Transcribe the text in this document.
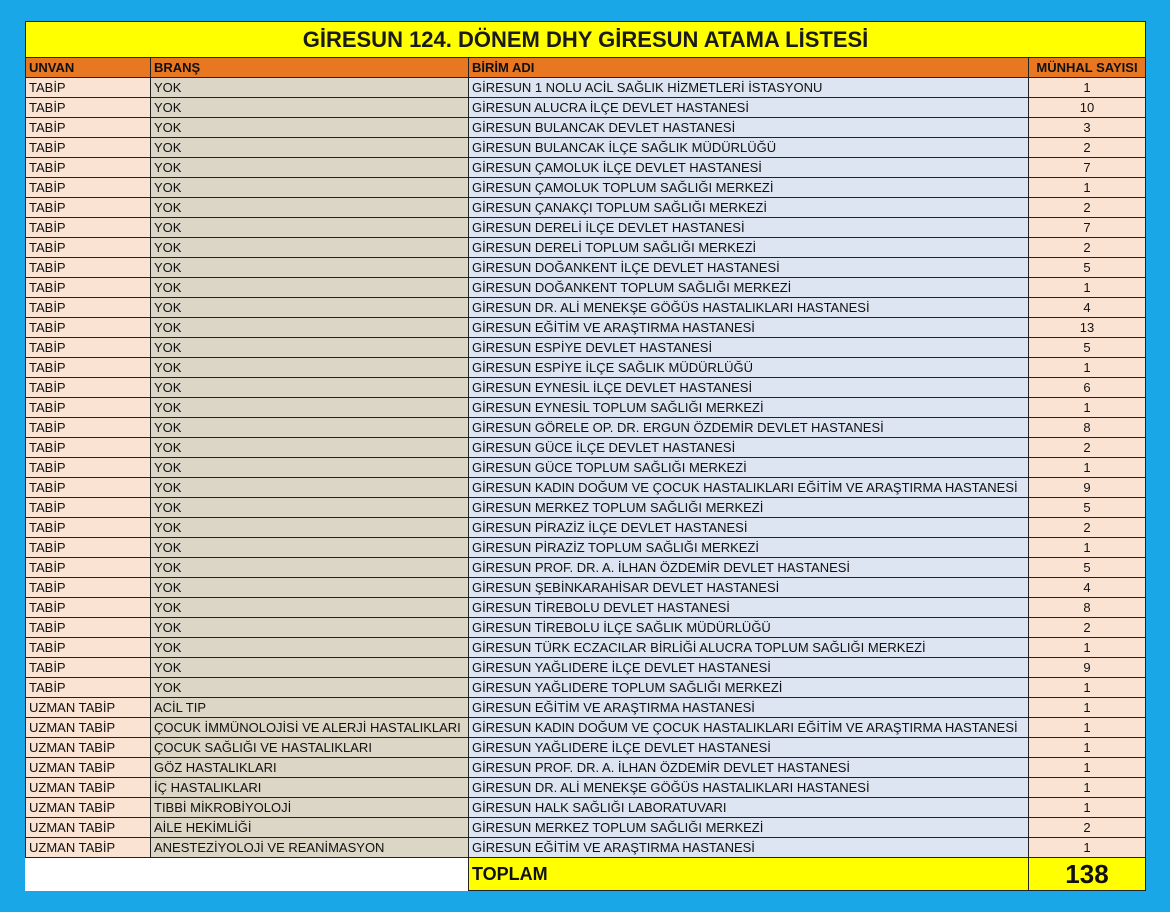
GİRESUN 124. DÖNEM DHY GİRESUN ATAMA LİSTESİ			
UNVAN	BRANŞ	BİRİM ADI	MÜNHAL SAYISI
TABİP	YOK	GİRESUN 1 NOLU ACİL SAĞLIK HİZMETLERİ İSTASYONU	1
TABİP	YOK	GİRESUN ALUCRA İLÇE DEVLET HASTANESİ	10
TABİP	YOK	GİRESUN BULANCAK DEVLET HASTANESİ	3
TABİP	YOK	GİRESUN BULANCAK İLÇE SAĞLIK MÜDÜRLÜĞÜ	2
TABİP	YOK	GİRESUN ÇAMOLUK İLÇE DEVLET HASTANESİ	7
TABİP	YOK	GİRESUN ÇAMOLUK TOPLUM SAĞLIĞI MERKEZİ	1
TABİP	YOK	GİRESUN ÇANAKÇI TOPLUM SAĞLIĞI MERKEZİ	2
TABİP	YOK	GİRESUN DERELİ İLÇE DEVLET HASTANESİ	7
TABİP	YOK	GİRESUN DERELİ TOPLUM SAĞLIĞI MERKEZİ	2
TABİP	YOK	GİRESUN DOĞANKENT İLÇE DEVLET HASTANESİ	5
TABİP	YOK	GİRESUN DOĞANKENT TOPLUM SAĞLIĞI MERKEZİ	1
TABİP	YOK	GİRESUN DR. ALİ MENEKŞE GÖĞÜS HASTALIKLARI HASTANESİ	4
TABİP	YOK	GİRESUN EĞİTİM VE ARAŞTIRMA HASTANESİ	13
TABİP	YOK	GİRESUN ESPİYE DEVLET HASTANESİ	5
TABİP	YOK	GİRESUN ESPİYE İLÇE SAĞLIK MÜDÜRLÜĞÜ	1
TABİP	YOK	GİRESUN EYNESİL İLÇE DEVLET HASTANESİ	6
TABİP	YOK	GİRESUN EYNESİL TOPLUM SAĞLIĞI MERKEZİ	1
TABİP	YOK	GİRESUN GÖRELE OP. DR. ERGUN ÖZDEMİR DEVLET HASTANESİ	8
TABİP	YOK	GİRESUN GÜCE İLÇE DEVLET HASTANESİ	2
TABİP	YOK	GİRESUN GÜCE TOPLUM SAĞLIĞI MERKEZİ	1
TABİP	YOK	GİRESUN KADIN DOĞUM VE ÇOCUK HASTALIKLARI EĞİTİM VE ARAŞTIRMA HASTANESİ	9
TABİP	YOK	GİRESUN MERKEZ TOPLUM SAĞLIĞI MERKEZİ	5
TABİP	YOK	GİRESUN PİRAZİZ İLÇE DEVLET HASTANESİ	2
TABİP	YOK	GİRESUN PİRAZİZ TOPLUM SAĞLIĞI MERKEZİ	1
TABİP	YOK	GİRESUN PROF. DR. A. İLHAN ÖZDEMİR DEVLET HASTANESİ	5
TABİP	YOK	GİRESUN ŞEBİNKARAHİSAR DEVLET HASTANESİ	4
TABİP	YOK	GİRESUN TİREBOLU DEVLET HASTANESİ	8
TABİP	YOK	GİRESUN TİREBOLU İLÇE SAĞLIK MÜDÜRLÜĞÜ	2
TABİP	YOK	GİRESUN TÜRK ECZACILAR BİRLİĞİ ALUCRA TOPLUM SAĞLIĞI MERKEZİ	1
TABİP	YOK	GİRESUN YAĞLIDERE İLÇE DEVLET HASTANESİ	9
TABİP	YOK	GİRESUN YAĞLIDERE TOPLUM SAĞLIĞI MERKEZİ	1
UZMAN TABİP	ACİL TIP	GİRESUN EĞİTİM VE ARAŞTIRMA HASTANESİ	1
UZMAN TABİP	ÇOCUK İMMÜNOLOJİSİ VE ALERJİ HASTALIKLARI	GİRESUN KADIN DOĞUM VE ÇOCUK HASTALIKLARI EĞİTİM VE ARAŞTIRMA HASTANESİ	1
UZMAN TABİP	ÇOCUK SAĞLIĞI VE HASTALIKLARI	GİRESUN YAĞLIDERE İLÇE DEVLET HASTANESİ	1
UZMAN TABİP	GÖZ HASTALIKLARI	GİRESUN PROF. DR. A. İLHAN ÖZDEMİR DEVLET HASTANESİ	1
UZMAN TABİP	İÇ HASTALIKLARI	GİRESUN DR. ALİ MENEKŞE GÖĞÜS HASTALIKLARI HASTANESİ	1
UZMAN TABİP	TIBBİ MİKROBİYOLOJİ	GİRESUN HALK SAĞLIĞI LABORATUVARI	1
UZMAN TABİP	AİLE HEKİMLİĞİ	GİRESUN MERKEZ TOPLUM SAĞLIĞI MERKEZİ	2
UZMAN TABİP	ANESTEZİYOLOJİ VE REANİMASYON	GİRESUN EĞİTİM VE ARAŞTIRMA HASTANESİ	1
		TOPLAM	138
